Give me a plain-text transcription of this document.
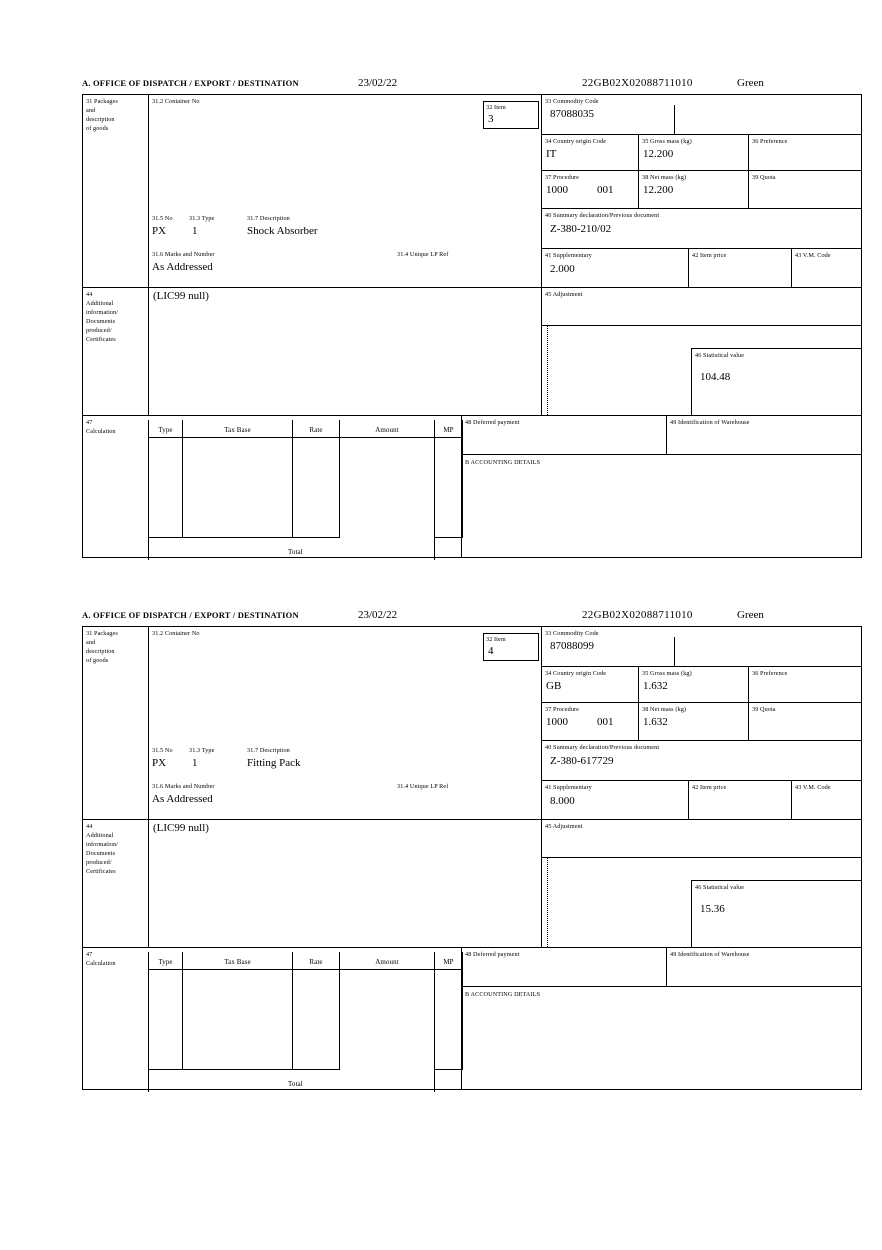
A. OFFICE OF DISPATCH / EXPORT / DESTINATION	23/02/22	22GB02X02088711010	Green
31 Packages
and
description
of goods
31.2 Container No
31.5 No	31.3 Type	31.7 Description
PX 1	Shock Absorber
31.6 Marks and Number	31.4 Unique LP Ref
As Addressed
32 Item
3
33 Commodity Code
87088035
34 Country origin Code
IT
35 Gross mass (kg)
12.200
36 Preference
37 Procedure
1000	001
38 Net mass (kg)
12.200
39 Quota
40 Summary declaration/Previous document
Z-380-210/02
41 Supplementary
2.000
42 Item price	43 V.M. Code
44
Additional
information/
Documents
produced/
Certificates
(LIC99 null)	45 Adjustment
46 Statistical value
104.48
47
Calculation	Type	Tax Base	Rate	Amount	MP
Total
48 Deferred payment	49 Identification of Warehouse
B ACCOUNTING DETAILS
A. OFFICE OF DISPATCH / EXPORT / DESTINATION	23/02/22	22GB02X02088711010	Green
31 Packages
and
description
of goods
31.2 Container No
31.5 No	31.3 Type	31.7 Description
PX 1	Fitting Pack
31.6 Marks and Number	31.4 Unique LP Ref
As Addressed
32 Item
4
33 Commodity Code
87088099
34 Country origin Code
GB
35 Gross mass (kg)
1.632
36 Preference
37 Procedure
1000	001
38 Net mass (kg)
1.632
39 Quota
40 Summary declaration/Previous document
Z-380-617729
41 Supplementary
8.000
42 Item price	43 V.M. Code
44
Additional
information/
Documents
produced/
Certificates
(LIC99 null)	45 Adjustment
46 Statistical value
15.36
47
Calculation	Type	Tax Base	Rate	Amount	MP
Total
48 Deferred payment	49 Identification of Warehouse
B ACCOUNTING DETAILS
